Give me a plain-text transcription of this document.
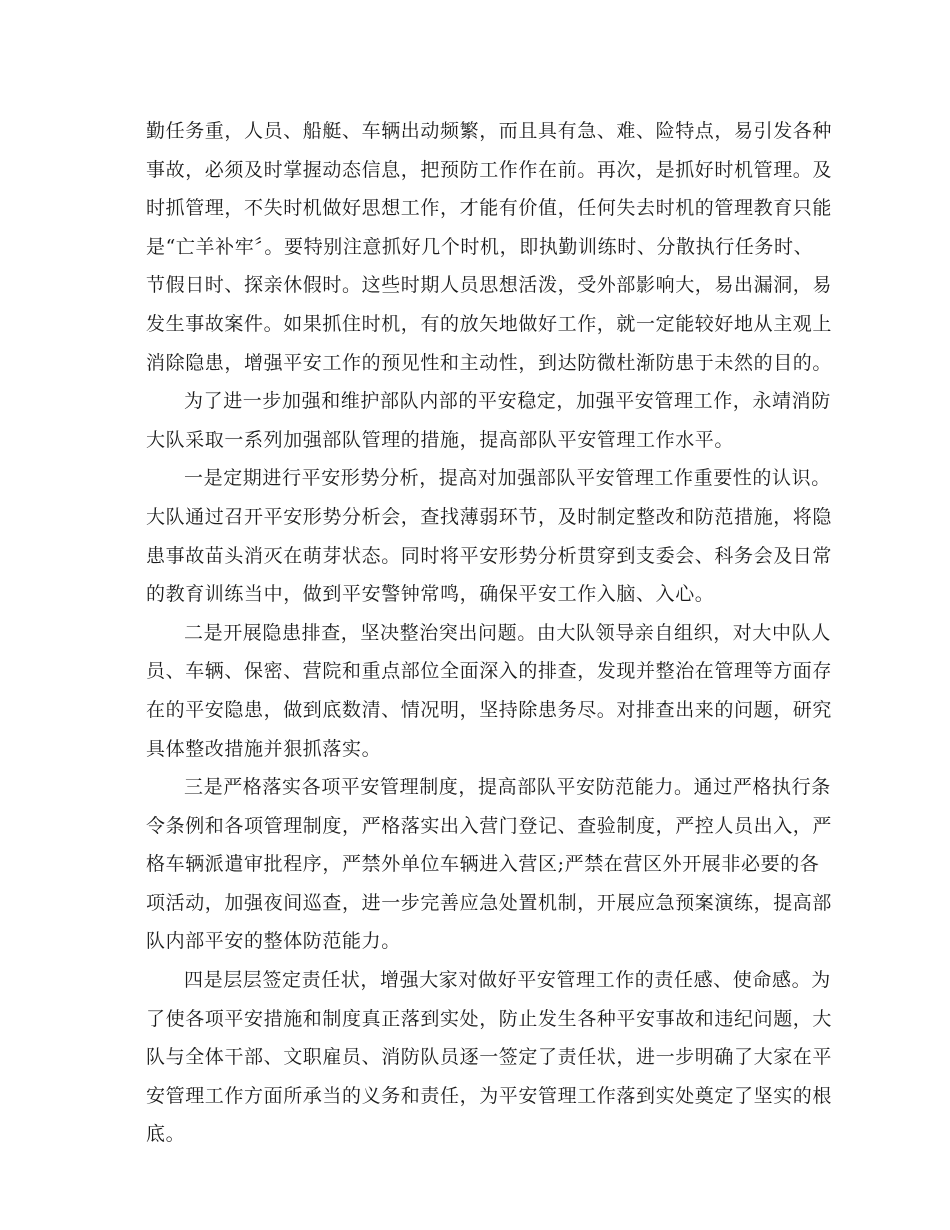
勤任务重，人员、船艇、车辆出动频繁，而且具有急、难、险特点，易引发各种
事故，必须及时掌握动态信息，把预防工作作在前。再次，是抓好时机管理。及
时抓管理，不失时机做好思想工作，才能有价值，任何失去时机的管理教育只能
是“亡羊补牢〞。要特别注意抓好几个时机，即执勤训练时、分散执行任务时、
节假日时、探亲休假时。这些时期人员思想活泼，受外部影响大，易出漏洞，易
发生事故案件。如果抓住时机，有的放矢地做好工作，就一定能较好地从主观上
消除隐患，增强平安工作的预见性和主动性，到达防微杜渐防患于未然的目的。
为了进一步加强和维护部队内部的平安稳定，加强平安管理工作，永靖消防
大队采取一系列加强部队管理的措施，提高部队平安管理工作水平。
一是定期进行平安形势分析，提高对加强部队平安管理工作重要性的认识。
大队通过召开平安形势分析会，查找薄弱环节，及时制定整改和防范措施，将隐
患事故苗头消灭在萌芽状态。同时将平安形势分析贯穿到支委会、科务会及日常
的教育训练当中，做到平安警钟常鸣，确保平安工作入脑、入心。
二是开展隐患排查，坚决整治突出问题。由大队领导亲自组织，对大中队人
员、车辆、保密、营院和重点部位全面深入的排查，发现并整治在管理等方面存
在的平安隐患，做到底数清、情况明，坚持除患务尽。对排查出来的问题，研究
具体整改措施并狠抓落实。
三是严格落实各项平安管理制度，提高部队平安防范能力。通过严格执行条
令条例和各项管理制度，严格落实出入营门登记、查验制度，严控人员出入，严
格车辆派遣审批程序，严禁外单位车辆进入营区;严禁在营区外开展非必要的各
项活动，加强夜间巡查，进一步完善应急处置机制，开展应急预案演练，提高部
队内部平安的整体防范能力。
四是层层签定责任状，增强大家对做好平安管理工作的责任感、使命感。为
了使各项平安措施和制度真正落到实处，防止发生各种平安事故和违纪问题，大
队与全体干部、文职雇员、消防队员逐一签定了责任状，进一步明确了大家在平
安管理工作方面所承当的义务和责任，为平安管理工作落到实处奠定了坚实的根
底。
